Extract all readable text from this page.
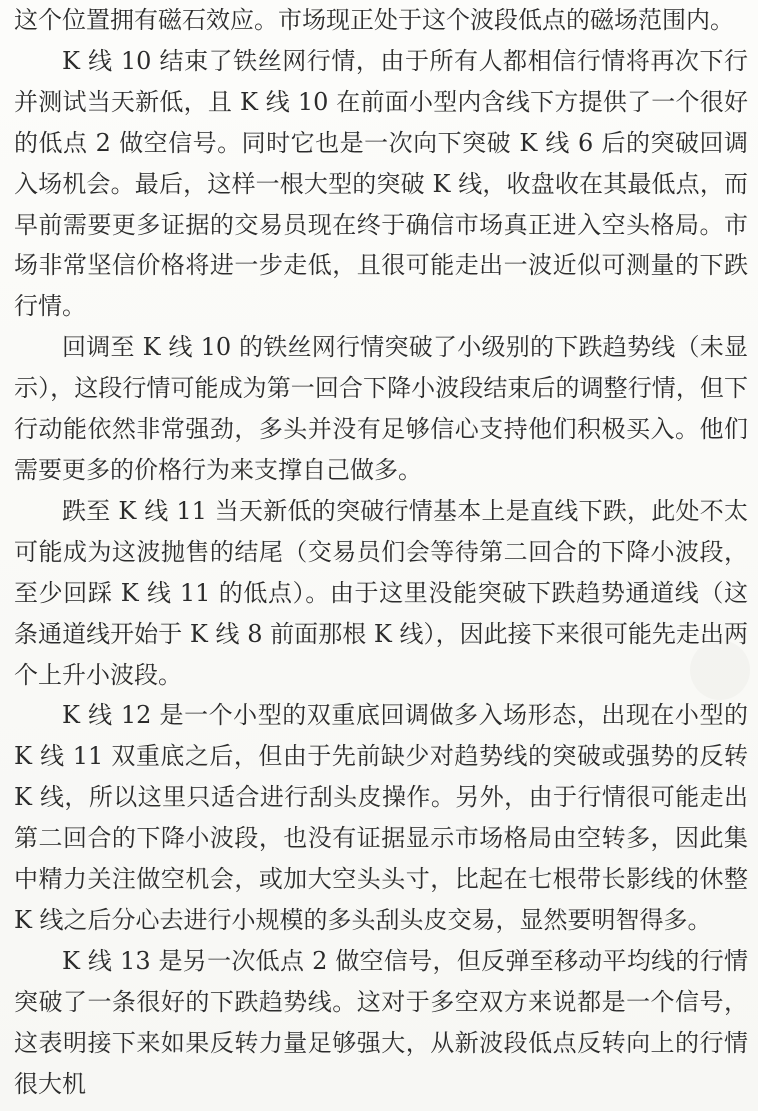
这个位置拥有磁石效应。市场现正处于这个波段低点的磁场范围内。

K 线 10 结束了铁丝网行情，由于所有人都相信行情将再次下行并测试当天新低，且 K 线 10 在前面小型内含线下方提供了一个很好的低点 2 做空信号。同时它也是一次向下突破 K 线 6 后的突破回调入场机会。最后，这样一根大型的突破 K 线，收盘收在其最低点，而早前需要更多证据的交易员现在终于确信市场真正进入空头格局。市场非常坚信价格将进一步走低，且很可能走出一波近似可测量的下跌行情。

回调至 K 线 10 的铁丝网行情突破了小级别的下跌趋势线（未显示），这段行情可能成为第一回合下降小波段结束后的调整行情，但下行动能依然非常强劲，多头并没有足够信心支持他们积极买入。他们需要更多的价格行为来支撑自己做多。

跌至 K 线 11 当天新低的突破行情基本上是直线下跌，此处不太可能成为这波抛售的结尾（交易员们会等待第二回合的下降小波段，至少回踩 K 线 11 的低点）。由于这里没能突破下跌趋势通道线（这条通道线开始于 K 线 8 前面那根 K 线），因此接下来很可能先走出两个上升小波段。

K 线 12 是一个小型的双重底回调做多入场形态，出现在小型的 K 线 11 双重底之后，但由于先前缺少对趋势线的突破或强势的反转 K 线，所以这里只适合进行刮头皮操作。另外，由于行情很可能走出第二回合的下降小波段，也没有证据显示市场格局由空转多，因此集中精力关注做空机会，或加大空头头寸，比起在七根带长影线的休整 K 线之后分心去进行小规模的多头刮头皮交易，显然要明智得多。

K 线 13 是另一次低点 2 做空信号，但反弹至移动平均线的行情突破了一条很好的下跌趋势线。这对于多空双方来说都是一个信号，这表明接下来如果反转力量足够强大，从新波段低点反转向上的行情很大机
